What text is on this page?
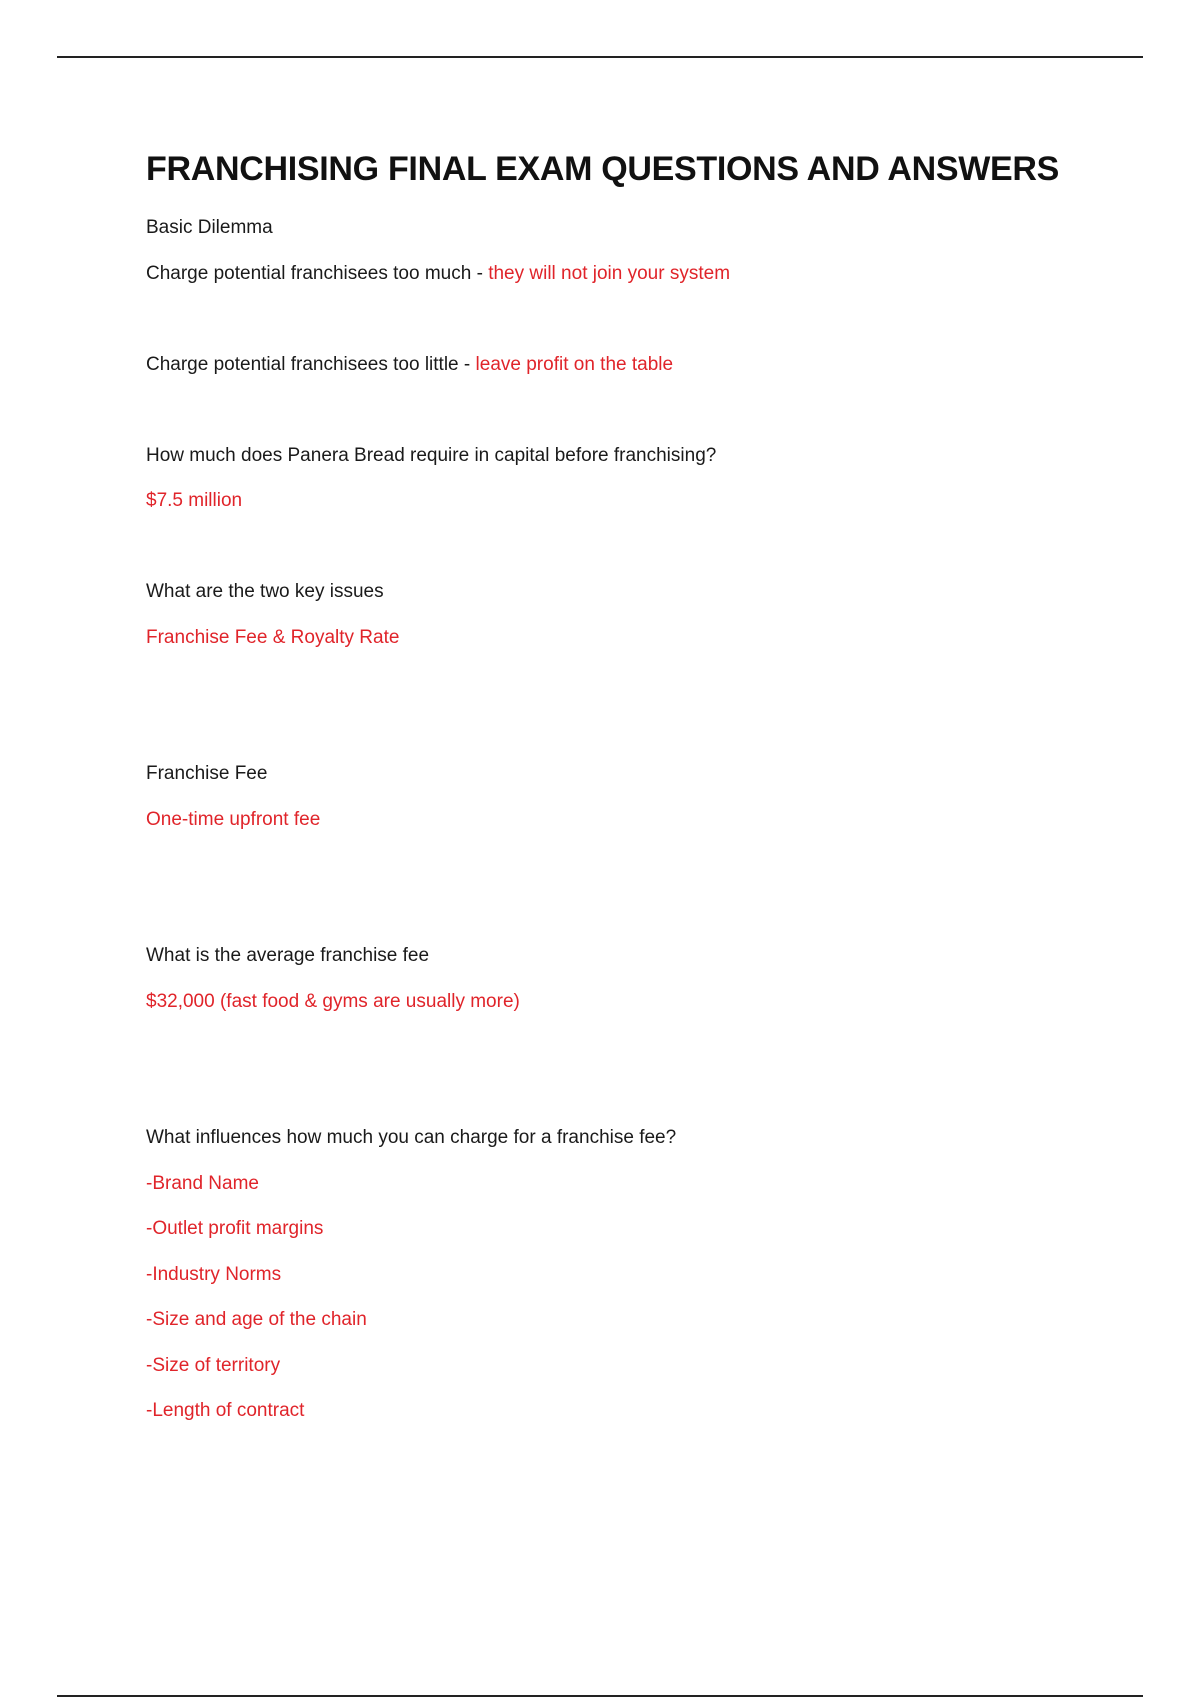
FRANCHISING FINAL EXAM QUESTIONS AND ANSWERS

Basic Dilemma

Charge potential franchisees too much - they will not join your system

Charge potential franchisees too little - leave profit on the table

How much does Panera Bread require in capital before franchising?

$7.5 million

What are the two key issues

Franchise Fee & Royalty Rate

Franchise Fee

One-time upfront fee

What is the average franchise fee

$32,000 (fast food & gyms are usually more)

What influences how much you can charge for a franchise fee?

-Brand Name

-Outlet profit margins

-Industry Norms

-Size and age of the chain

-Size of territory

-Length of contract
